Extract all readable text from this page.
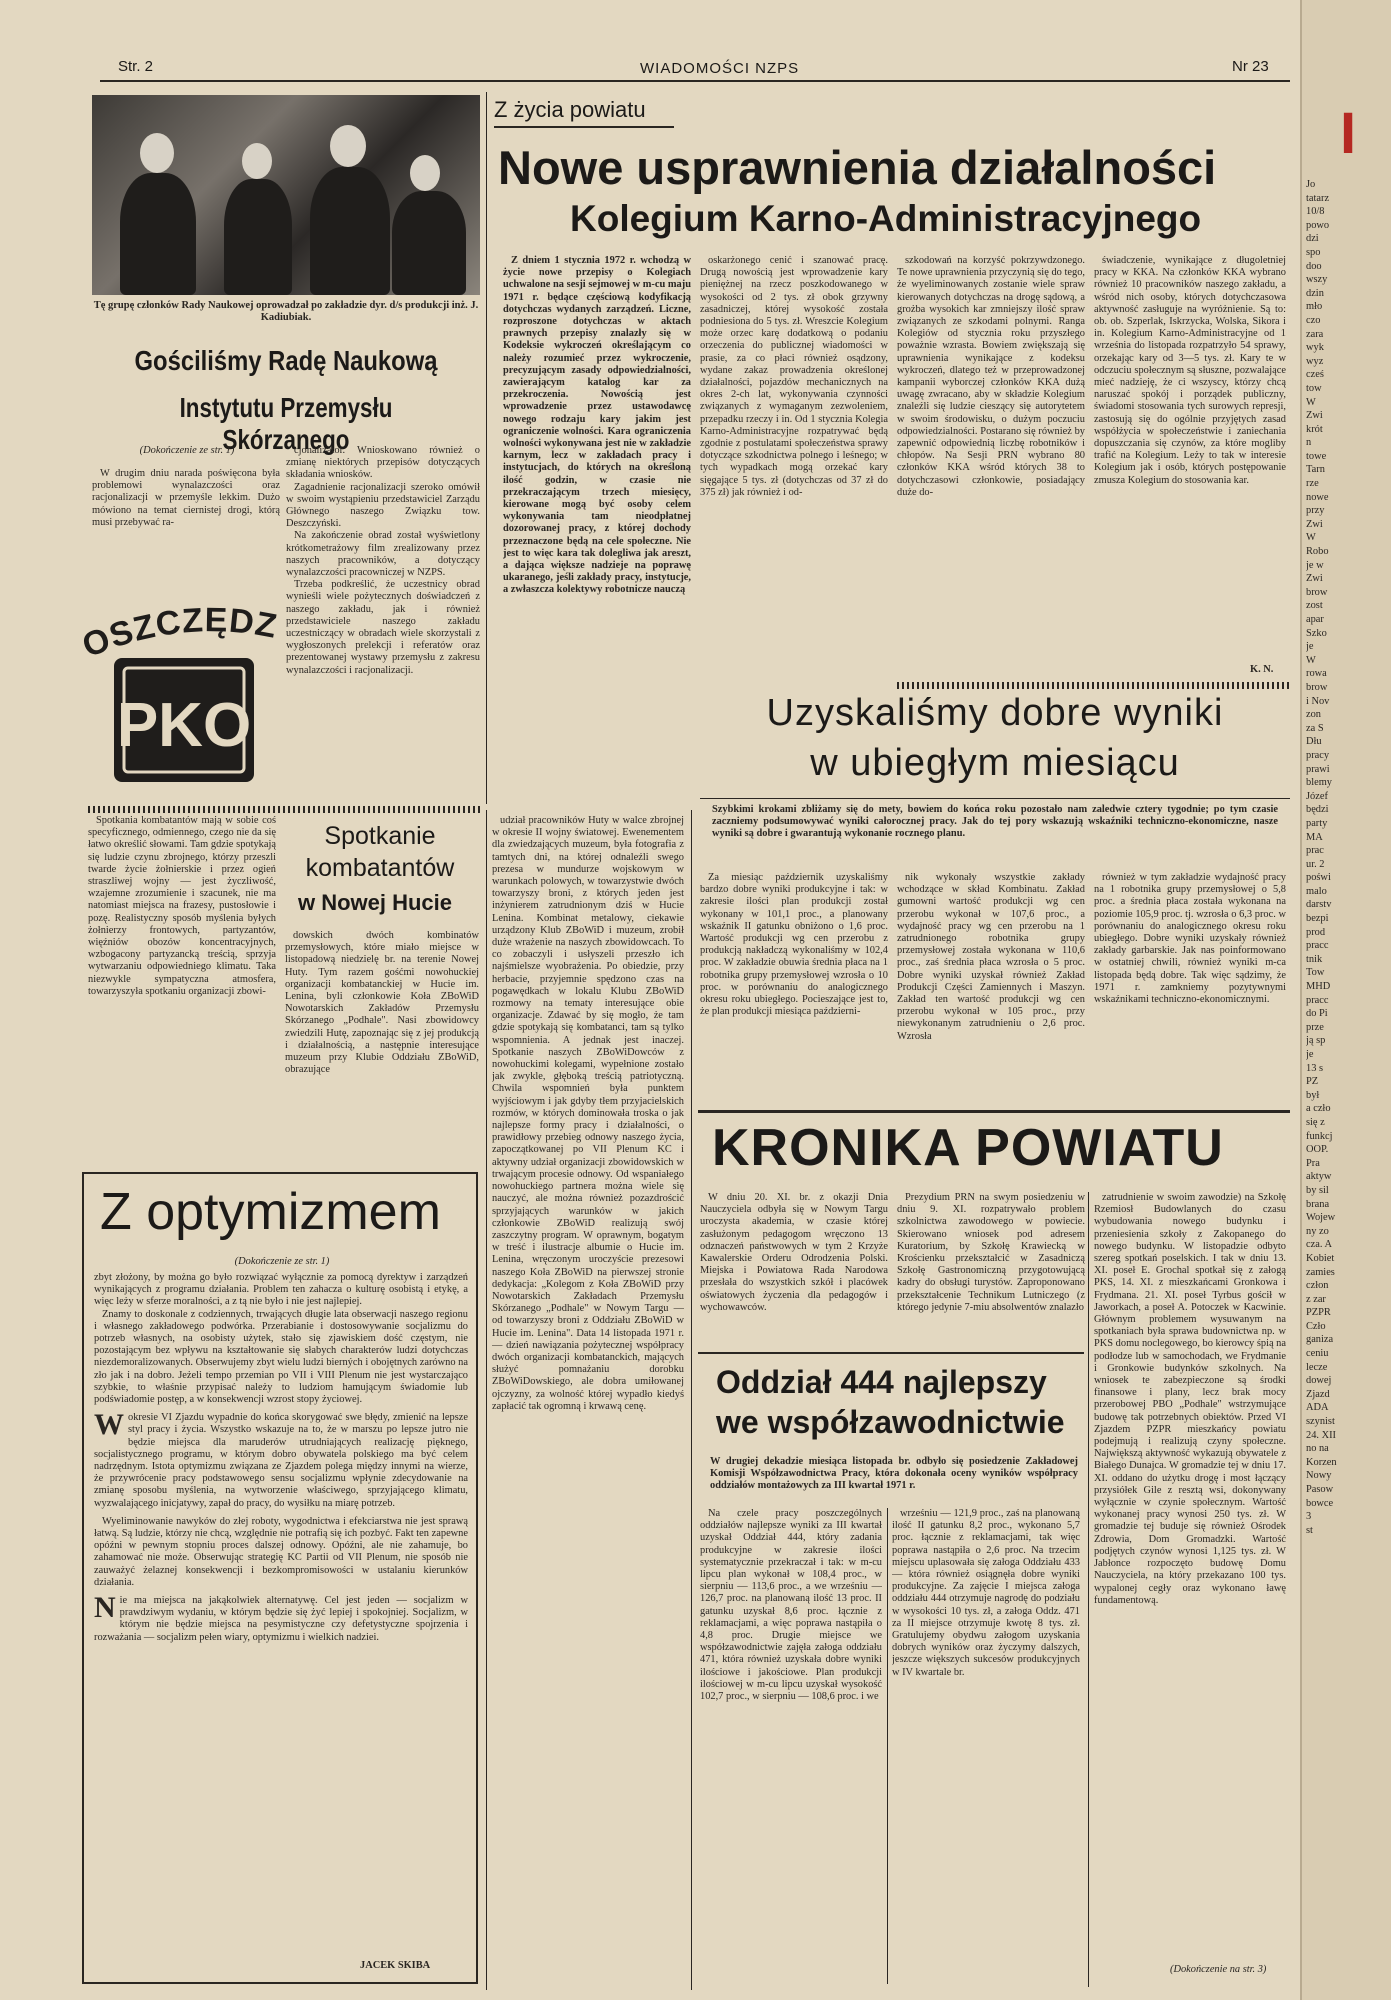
Str. 2	WIADOMOŚCI NZPS	Nr 23
Tę grupę członków Rady Naukowej oprowadzał po zakładzie dyr. d/s produkcji inż. J. Kadiubiak.
Gościliśmy Radę Naukową
Instytutu Przemysłu Skórzanego
(Dokończenie ze str. 1)

W drugim dniu narada poświęcona była problemowi wynalazczości oraz racjonalizacji w przemyśle lekkim. Dużo mówiono na temat ciernistej drogi, którą musi przebywać ra-

cjonalizator. Wnioskowano również o zmianę niektórych przepisów dotyczących składania wniosków.

Zagadnienie racjonalizacji szeroko omówił w swoim wystąpieniu przedstawiciel Zarządu Głównego naszego Związku tow. Deszczyński.

Na zakończenie obrad został wyświetlony krótkometrażowy film zrealizowany przez naszych pracowników, a dotyczący wynalazczości pracowniczej w NZPS.

Trzeba podkreślić, że uczestnicy obrad wynieśli wiele pożytecznych doświadczeń z naszego zakładu, jak i również przedstawiciele naszego zakładu uczestniczący w obradach wiele skorzystali z wygłoszonych prelekcji i referatów oraz prezentowanej wystawy przemysłu z zakresu wynalazczości i racjonalizacji.

OSZCZĘDZ
PKO
Z życia powiatu
Nowe usprawnienia działalności
Kolegium Karno-Administracyjnego

Z dniem 1 stycznia 1972 r. wchodzą w życie nowe przepisy o Kolegiach uchwalone na sesji sejmowej w m-cu maju 1971 r. będące częściową kodyfikacją dotychczas wydanych zarządzeń. Liczne, rozproszone dotychczas w aktach prawnych przepisy znalazły się w Kodeksie wykroczeń określającym co należy rozumieć przez wykroczenie, precyzującym zasady odpowiedzialności, zawierającym katalog kar za przekroczenia. Nowością jest wprowadzenie przez ustawodawcę nowego rodzaju kary jakim jest ograniczenie wolności. Kara ograniczenia wolności wykonywana jest nie w zakładzie karnym, lecz w zakładach pracy i instytucjach, do których na określoną ilość godzin, w czasie nie przekraczającym trzech miesięcy, kierowane mogą być osoby celem wykonywania tam nieodpłatnej dozorowanej pracy, z której dochody przeznaczone będą na cele społeczne. Nie jest to więc kara tak dolegliwa jak areszt, a dająca większe nadzieje na poprawę ukaranego, jeśli zakłady pracy, instytucje, a zwłaszcza kolektywy robotnicze nauczą

oskarżonego cenić i szanować pracę. Drugą nowością jest wprowadzenie kary pieniężnej na rzecz poszkodowanego w wysokości od 2 tys. zł obok grzywny zasadniczej, której wysokość została podniesiona do 5 tys. zł. Wreszcie Kolegium może orzec karę dodatkową o podaniu orzeczenia do publicznej wiadomości w prasie, za co płaci również osądzony, wydane zakaz prowadzenia określonej działalności, pojazdów mechanicznych na okres 2-ch lat, wykonywania czynności związanych z wymaganym zezwoleniem, przepadku rzeczy i in. Od 1 stycznia Kolegia Karno-Administracyjne rozpatrywać będą zgodnie z postulatami społeczeństwa sprawy dotyczące szkodnictwa polnego i leśnego; w tych wypadkach mogą orzekać kary sięgające 5 tys. zł (dotychczas od 37 zł do 375 zł) jak również i od-

szkodowań na korzyść pokrzywdzonego. Te nowe uprawnienia przyczynią się do tego, że wyeliminowanych zostanie wiele spraw kierowanych dotychczas na drogę sądową, a grożba wysokich kar zmniejszy ilość spraw związanych ze szkodami polnymi. Ranga Kolegiów od stycznia roku przyszłego poważnie wzrasta. Bowiem zwiększają się uprawnienia wynikające z kodeksu wykroczeń, dlatego też w przeprowadzonej kampanii wyborczej członków KKA dużą uwagę zwracano, aby w składzie Kolegium znaleźli się ludzie cieszący się autorytetem w swoim środowisku, o dużym poczuciu odpowiedzialności. Postarano się również by zapewnić odpowiednią liczbę robotników i chłopów. Na Sesji PRN wybrano 80 członków KKA wśród których 38 to dotychczasowi członkowie, posiadający duże do-

świadczenie, wynikające z długoletniej pracy w KKA. Na członków KKA wybrano również 10 pracowników naszego zakładu, a wśród nich osoby, których dotychczasowa aktywność zasługuje na wyróżnienie. Są to: ob. ob. Szperlak, Iskrzycka, Wolska, Sikora i in. Kolegium Karno-Administracyjne od 1 września do listopada rozpatrzyło 54 sprawy, orzekając kary od 3—5 tys. zł. Kary te w odczuciu społecznym są słuszne, pozwalające mieć nadzieję, że ci wszyscy, którzy chcą naruszać spokój i porządek publiczny, świadomi stosowania tych surowych represji, zastosują się do ogólnie przyjętych zasad współżycia w społeczeństwie i zaniechania dopuszczania się czynów, za które mogliby trafić na Kolegium. Leży to tak w interesie Kolegium jak i osób, których postępowanie zmusza Kolegium do stosowania kar.

K. N.
Uzyskaliśmy dobre wyniki
w ubiegłym miesiącu
Szybkimi krokami zbliżamy się do mety, bowiem do końca roku pozostało nam zaledwie cztery tygodnie; po tym czasie zaczniemy podsumowywać wyniki całorocznej pracy. Jak do tej pory wskazują wskaźniki techniczno-ekonomiczne, nasze wyniki są dobre i gwarantują wykonanie rocznego planu.

Za miesiąc październik uzyskaliśmy bardzo dobre wyniki produkcyjne i tak: w zakresie ilości plan produkcji został wykonany w 101,1 proc., a planowany wskaźnik II gatunku obniżono o 1,6 proc. Wartość produkcji wg cen przerobu z produkcją nakładczą wykonaliśmy w 102,4 proc. W zakładzie obuwia średnia płaca na 1 robotnika grupy przemysłowej wzrosła o 10 proc. w porównaniu do analogicznego okresu roku ubiegłego. Pocieszające jest to, że plan produkcji miesiąca październi-

nik wykonały wszystkie zakłady wchodzące w skład Kombinatu. Zakład gumowni wartość produkcji wg cen przerobu wykonał w 107,6 proc., a wydajność pracy wg cen przerobu na 1 zatrudnionego robotnika grupy przemysłowej została wykonana w 110,6 proc., zaś średnia płaca wzrosła o 5 proc. Dobre wyniki uzyskał również Zakład Produkcji Części Zamiennych i Maszyn. Zakład ten wartość produkcji wg cen przerobu wykonał w 105 proc., przy niewykonanym zatrudnieniu o 2,6 proc. Wzrosła

również w tym zakładzie wydajność pracy na 1 robotnika grupy przemysłowej o 5,8 proc. a średnia płaca została wykonana na poziomie 105,9 proc. tj. wzrosła o 6,3 proc. w porównaniu do analogicznego okresu roku ubiegłego. Dobre wyniki uzyskały również zakłady garbarskie. Jak nas poinformowano w ostatniej chwili, również wyniki m-ca listopada będą dobre. Tak więc sądzimy, że 1971 r. zamkniemy pozytywnymi wskaźnikami techniczno-ekonomicznymi.

Spotkania kombatantów mają w sobie coś specyficznego, odmiennego, czego nie da się łatwo określić słowami. Tam gdzie spotykają się ludzie czynu zbrojnego, którzy przeszli twarde życie żołnierskie i przez ogień straszliwej wojny — jest życzliwość, wzajemne zrozumienie i szacunek, nie ma natomiast miejsca na frazesy, pustosłowie i pozę. Realistyczny sposób myślenia byłych żołnierzy frontowych, partyzantów, więźniów obozów koncentracyjnych, wzbogacony partyzancką treścią, sprzyja wytwarzaniu odpowiedniego klimatu. Taka niezwykle sympatyczna atmosfera, towarzyszyła spotkaniu organizacji zbowi-

Spotkanie
kombatantów
w Nowej Hucie

dowskich dwóch kombinatów przemysłowych, które miało miejsce w listopadową niedzielę br. na terenie Nowej Huty. Tym razem gośćmi nowohuckiej organizacji kombatanckiej w Hucie im. Lenina, byli członkowie Koła ZBoWiD Nowotarskich Zakładów Przemysłu Skórzanego „Podhale". Nasi zbowidowcy zwiedzili Hutę, zapoznając się z jej produkcją i działalnością, a następnie interesujące muzeum przy Klubie Oddziału ZBoWiD, obrazujące

udział pracowników Huty w walce zbrojnej w okresie II wojny światowej. Ewenementem dla zwiedzających muzeum, była fotografia z tamtych dni, na której odnaleźli swego prezesa w mundurze wojskowym w warunkach polowych, w towarzystwie dwóch towarzyszy broni, z których jeden jest inżynierem zatrudnionym dziś w Hucie Lenina. Kombinat metalowy, ciekawie urządzony Klub ZBoWiD i muzeum, zrobił duże wrażenie na naszych zbowidowcach. To co zobaczyli i usłyszeli przeszło ich najśmielsze wyobrażenia. Po obiedzie, przy herbacie, przyjemnie spędzono czas na pogawędkach w lokalu Klubu ZBoWiD rozmowy na tematy interesujące obie organizacje. Zdawać by się mogło, że tam gdzie spotykają się kombatanci, tam są tylko wspomnienia. A jednak jest inaczej. Spotkanie naszych ZBoWiDowców z nowohuckimi kolegami, wypełnione zostało jak zwykle, głęboką treścią patriotyczną. Chwila wspomnień była punktem wyjściowym i jak gdyby tłem przyjacielskich rozmów, w których dominowała troska o jak najlepsze formy pracy i działalności, o prawidłowy przebieg odnowy naszego życia, zapoczątkowanej po VII Plenum KC i aktywny udział organizacji zbowidowskich w trwającym procesie odnowy. Od wspaniałego nowohuckiego partnera można wiele się nauczyć, ale można również pozazdrościć sprzyjających warunków w jakich członkowie ZBoWiD realizują swój zaszczytny program. W oprawnym, bogatym w treść i ilustracje albumie o Hucie im. Lenina, wręczonym uroczyście prezesowi naszego Koła ZBoWiD na pierwszej stronie dedykacja: „Kolegom z Koła ZBoWiD przy Nowotarskich Zakładach Przemysłu Skórzanego „Podhale" w Nowym Targu — od towarzyszy broni z Oddziału ZBoWiD w Hucie im. Lenina". Data 14 listopada 1971 r. — dzień nawiązania pożytecznej współpracy dwóch organizacji kombatanckich, mających służyć pomnażaniu dorobku ZBoWiDowskiego, ale dobra umiłowanej ojczyzny, za wolność której wypadło kiedyś zapłacić tak ogromną i krwawą cenę.

Z optymizmem
(Dokończenie ze str. 1)

zbyt złożony, by można go było rozwiązać wyłącznie za pomocą dyrektyw i zarządzeń wynikających z programu działania. Problem ten zahacza o kulturę osobistą i etykę, a więc leży w sferze moralności, a z tą nie było i nie jest najlepiej.

Znamy to doskonale z codziennych, trwających długie lata obserwacji naszego regionu i własnego zakładowego podwórka. Przerabianie i dostosowywanie socjalizmu do potrzeb własnych, na osobisty użytek, stało się zjawiskiem dość częstym, nie pozostającym bez wpływu na kształtowanie się słabych charakterów ludzi dotychczas niezdemoralizowanych. Obserwujemy zbyt wielu ludzi bierných i obojętnych zarówno na zło jak i na dobro. Jeżeli tempo przemian po VII i VIII Plenum nie jest wystarczająco szybkie, to właśnie przypisać należy to ludziom hamującym świadomie lub podświadomie postęp, a w konsekwencji wzrost stopy życiowej.

W okresie VI Zjazdu wypadnie do końca skorygować swe błędy, zmienić na lepsze styl pracy i życia. Wszystko wskazuje na to, że w marszu po lepsze jutro nie będzie miejsca dla maruderów utrudniających realizację pięknego, socjalistycznego programu, w którym dobro obywatela polskiego ma być celem nadrzędnym. Istota optymizmu związana ze Zjazdem polega między innymi na wierze, że przywrócenie pracy podstawowego sensu socjalizmu wpłynie zdecydowanie na zmianę sposobu myślenia, na wytworzenie właściwego, sprzyjającego klimatu, wyzwalającego inicjatywy, zapał do pracy, do wysiłku na miarę potrzeb.

Wyeliminowanie nawyków do złej roboty, wygodnictwa i efekciarstwa nie jest sprawą łatwą. Są ludzie, którzy nie chcą, względnie nie potrafią się ich pozbyć. Fakt ten zapewne opóźni w pewnym stopniu proces dalszej odnowy. Opóźni, ale nie zahamuje, bo zahamować nie może. Obserwując strategię KC Partii od VII Plenum, nie sposób nie zauważyć żelaznej konsekwencji i bezkompromisowości w ustalaniu kierunków działania.

N ie ma miejsca na jakąkolwiek alternatywę. Cel jest jeden — socjalizm w prawdziwym wydaniu, w którym będzie się żyć lepiej i spokojniej. Socjalizm, w którym nie będzie miejsca na pesymistyczne czy defetystyczne spojrzenia i rozważania — socjalizm pełen wiary, optymizmu i wielkich nadziei.

JACEK SKIBA
KRONIKA POWIATU

W dniu 20. XI. br. z okazji Dnia Nauczyciela odbyła się w Nowym Targu uroczysta akademia, w czasie której zasłużonym pedagogom wręczono 13 odznaczeń państwowych w tym 2 Krzyże Kawalerskie Orderu Odrodzenia Polski. Miejska i Powiatowa Rada Narodowa przesłała do wszystkich szkół i placówek oświatowych życzenia dla pedagogów i wychowawców.

Prezydium PRN na swym posiedzeniu w dniu 9. XI. rozpatrywało problem szkolnictwa zawodowego w powiecie. Skierowano wniosek pod adresem Kuratorium, by Szkołę Krawiecką w Krościenku przekształcić w Zasadniczą Szkołę Gastronomiczną przygotowującą kadry do obsługi turystów. Zaproponowano przekształcenie Technikum Lutniczego (z którego jedynie 7-miu absolwentów znalazło

zatrudnienie w swoim zawodzie) na Szkołę Rzemiosł Budowlanych do czasu wybudowania nowego budynku i przeniesienia szkoły z Zakopanego do nowego budynku. W listopadzie odbyto szereg spotkań poselskich. I tak w dniu 13. XI. poseł E. Grochal spotkał się z załogą PKS, 14. XI. z mieszkańcami Gronkowa i Frydmana. 21. XI. poseł Tyrbus gościł w Jaworkach, a poseł A. Potoczek w Kacwinie. Głównym problemem wysuwanym na spotkaniach była sprawa budownictwa np. w PKS domu noclegowego, bo kierowcy śpią na podłodze lub w samochodach, we Frydmanie i Gronkowie budynków szkolnych. Na wniosek te zabezpieczone są środki finansowe i plany, lecz brak mocy przerobowej PBO „Podhale" wstrzymujące budowę tak potrzebnych obiektów. Przed VI Zjazdem PZPR mieszkańcy powiatu podejmują i realizują czyny społeczne. Największą aktywność wykazują obywatele z Białego Dunajca. W gromadzie tej w dniu 17. XI. oddano do użytku drogę i most łączący przysiółek Gile z resztą wsi, dokonywany wyłącznie w czynie społecznym. Wartość wykonanej pracy wynosi 250 tys. zł. W gromadzie tej buduje się również Ośrodek Zdrowia, Dom Gromadzki. Wartość podjętych czynów wynosi 1,125 tys. zł. W Jabłonce rozpoczęto budowę Domu Nauczyciela, na który przekazano 100 tys. wypalonej cegły oraz wykonano ławę fundamentową.

(Dokończenie na str. 3)
Oddział 444 najlepszy
we współzawodnictwie
W drugiej dekadzie miesiąca listopada br. odbyło się posiedzenie Zakładowej Komisji Współzawodnictwa Pracy, która dokonała oceny wyników współpracy oddziałów montażowych za III kwartał 1971 r.

Na czele pracy poszczególnych oddziałów najlepsze wyniki za III kwartał uzyskał Oddział 444, który zadania produkcyjne w zakresie ilości systematycznie przekraczał i tak: w m-cu lipcu plan wykonał w 108,4 proc., w sierpniu — 113,6 proc., a we wrześniu — 126,7 proc. na planowaną ilość 13 proc. II gatunku uzyskał 8,6 proc. łącznie z reklamacjami, a więc poprawa nastąpiła o 4,8 proc. Drugie miejsce we współzawodnictwie zajęła załoga oddziału 471, która również uzyskała dobre wyniki ilościowe i jakościowe. Plan produkcji ilościowej w m-cu lipcu uzyskał wysokość 102,7 proc., w sierpniu — 108,6 proc. i we

wrześniu — 121,9 proc., zaś na planowaną ilość II gatunku 8,2 proc., wykonano 5,7 proc. łącznie z reklamacjami, tak więc poprawa nastąpiła o 2,6 proc. Na trzecim miejscu uplasowała się załoga Oddziału 433 — która również osiągnęła dobre wyniki produkcyjne. Za zajęcie I miejsca załoga oddziału 444 otrzymuje nagrodę do podziału w wysokości 10 tys. zł, a załoga Oddz. 471 za II miejsce otrzymuje kwotę 8 tys. zł. Gratulujemy obydwu załogom uzyskania dobrych wyników oraz życzymy dalszych, jeszcze większych sukcesów produkcyjnych w IV kwartale br.

I
Jo
tatarz
10/8
powo
dzi
spo
doo
wszy
dzin
mło
czo
zara
wyk
wyz
cześ
tow
W
Zwi
krót
n
towe
Tarn
rze
nowe
przy
Zwi
W
Robo
je w
Zwi
brow
zost
apar
Szko
je
W
rowa
brow
i Nov
zon
za S
Dłu
pracy
prawi
blemy
Józef
będzi
party
MA
prac
ur. 2
poświ
malo
darstv
bezpi
prod
pracc
tnik
Tow
MHD
pracc
do Pi
prze
ją sp
je
13 s
PZ
był
a czło
się z
funkcj
OOP.
Pra
aktyw
by sil
brana
Wojew
ny zo
cza. A
Kobiet
zamies
człon
z zar
PZPR
Czło
ganiza
ceniu
lecze
dowej
Zjazd
ADA
szynist
24. XII
no na
Korzen
Nowy
Pasow
bowce
3
st
